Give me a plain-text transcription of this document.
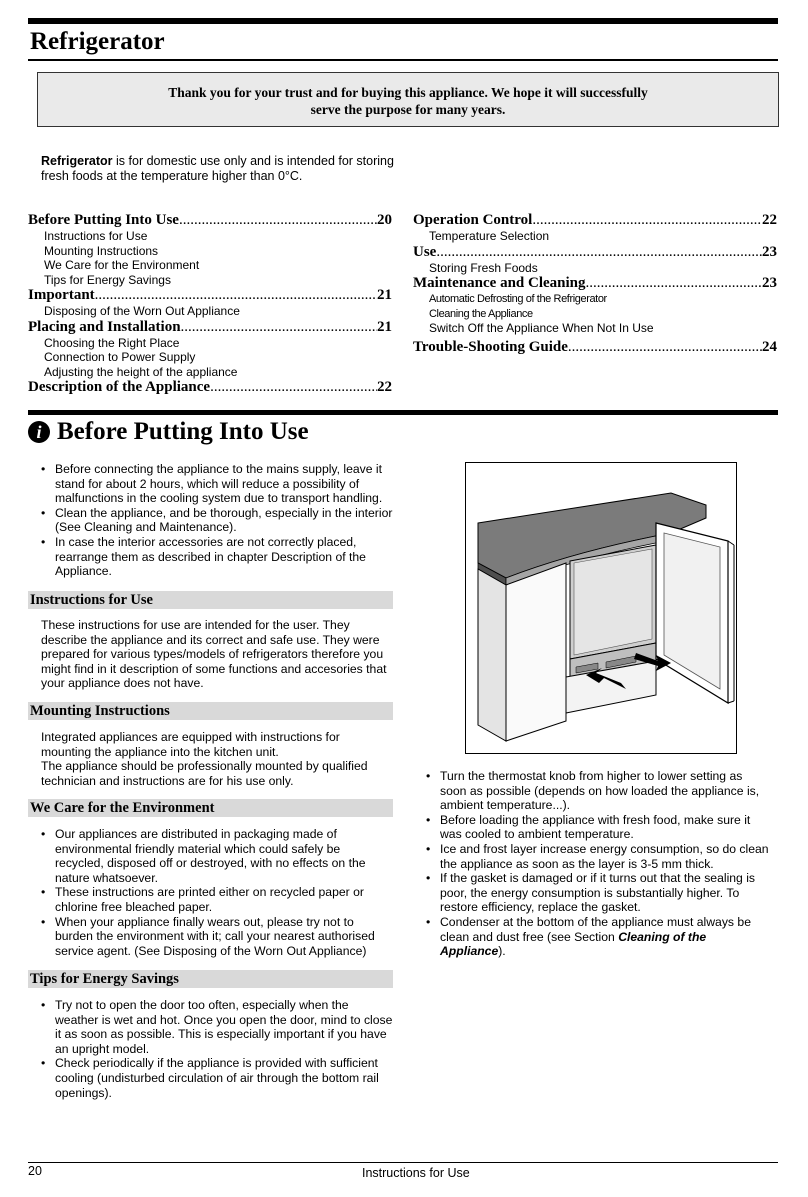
Refrigerator
Thank you for your trust and for buying this appliance. We hope it will successfully
serve the purpose for many years.
Refrigerator is for domestic use only and is intended for storing fresh foods at the temperature higher than 0°C.
Before Putting Into Use .....	20
Instructions for Use
Mounting Instructions
We Care for the Environment
Tips for Energy Savings
Important .....	21
Disposing of the Worn Out Appliance
Placing and Installation .....	21
Choosing the Right Place
Connection to Power Supply
Adjusting the height of the appliance
Description of the Appliance .....	22
Operation Control .....	22
Temperature Selection
Use .....	23
Storing Fresh Foods
Maintenance and Cleaning .....	23
Automatic Defrosting of the Refrigerator
Cleaning the Appliance
Switch Off the Appliance When Not In Use
Trouble-Shooting Guide .....	24
i Before Putting Into Use
• Before connecting the appliance to the mains supply, leave it stand for about 2 hours, which will reduce a possibility of malfunctions in the cooling system due to transport handling.
• Clean the appliance, and be thorough, especially in the interior (See Cleaning and Maintenance).
• In case the interior accessories are not correctly placed, rearrange them as described in chapter Description of the Appliance.
Instructions for Use
These instructions for use are intended for the user. They describe the appliance and its correct and safe use. They were prepared for various types/models of refrigerators therefore you might find in it description of some functions and accesories that your appliance does not have.
Mounting Instructions
Integrated appliances are equipped with instructions for mounting the appliance into the kitchen unit.
The appliance should be professionally mounted by qualified technician and instructions are for his use only.
We Care for the Environment
• Our appliances are distributed in packaging made of environmental friendly material which could safely be recycled, disposed off or destroyed, with no effects on the nature whatsoever.
• These instructions are printed either on recycled paper or chlorine free bleached paper.
• When your appliance finally wears out, please try not to burden the environment with it; call your nearest authorised service agent. (See Disposing of the Worn Out Appliance)
Tips for Energy Savings
• Try not to open the door too often, especially when the weather is wet and hot. Once you open the door, mind to close it as soon as possible. This is especially important if you have an upright model.
• Check periodically if the appliance is provided with sufficient cooling (undisturbed circulation of air through the bottom rail openings).
• Turn the thermostat knob from higher to lower setting as soon as possible (depends on how loaded the appliance is, ambient temperature...).
• Before loading the appliance with fresh food, make sure it was cooled to ambient temperature.
• Ice and frost layer increase energy consumption, so do clean the appliance as soon as the layer is 3-5 mm thick.
• If the gasket is damaged or if it turns out that the sealing is poor, the energy consumption is substantially higher. To restore efficiency, replace the gasket.
• Condenser at the bottom of the appliance must always be clean and dust free (see Section Cleaning of the Appliance).
20	Instructions for Use
